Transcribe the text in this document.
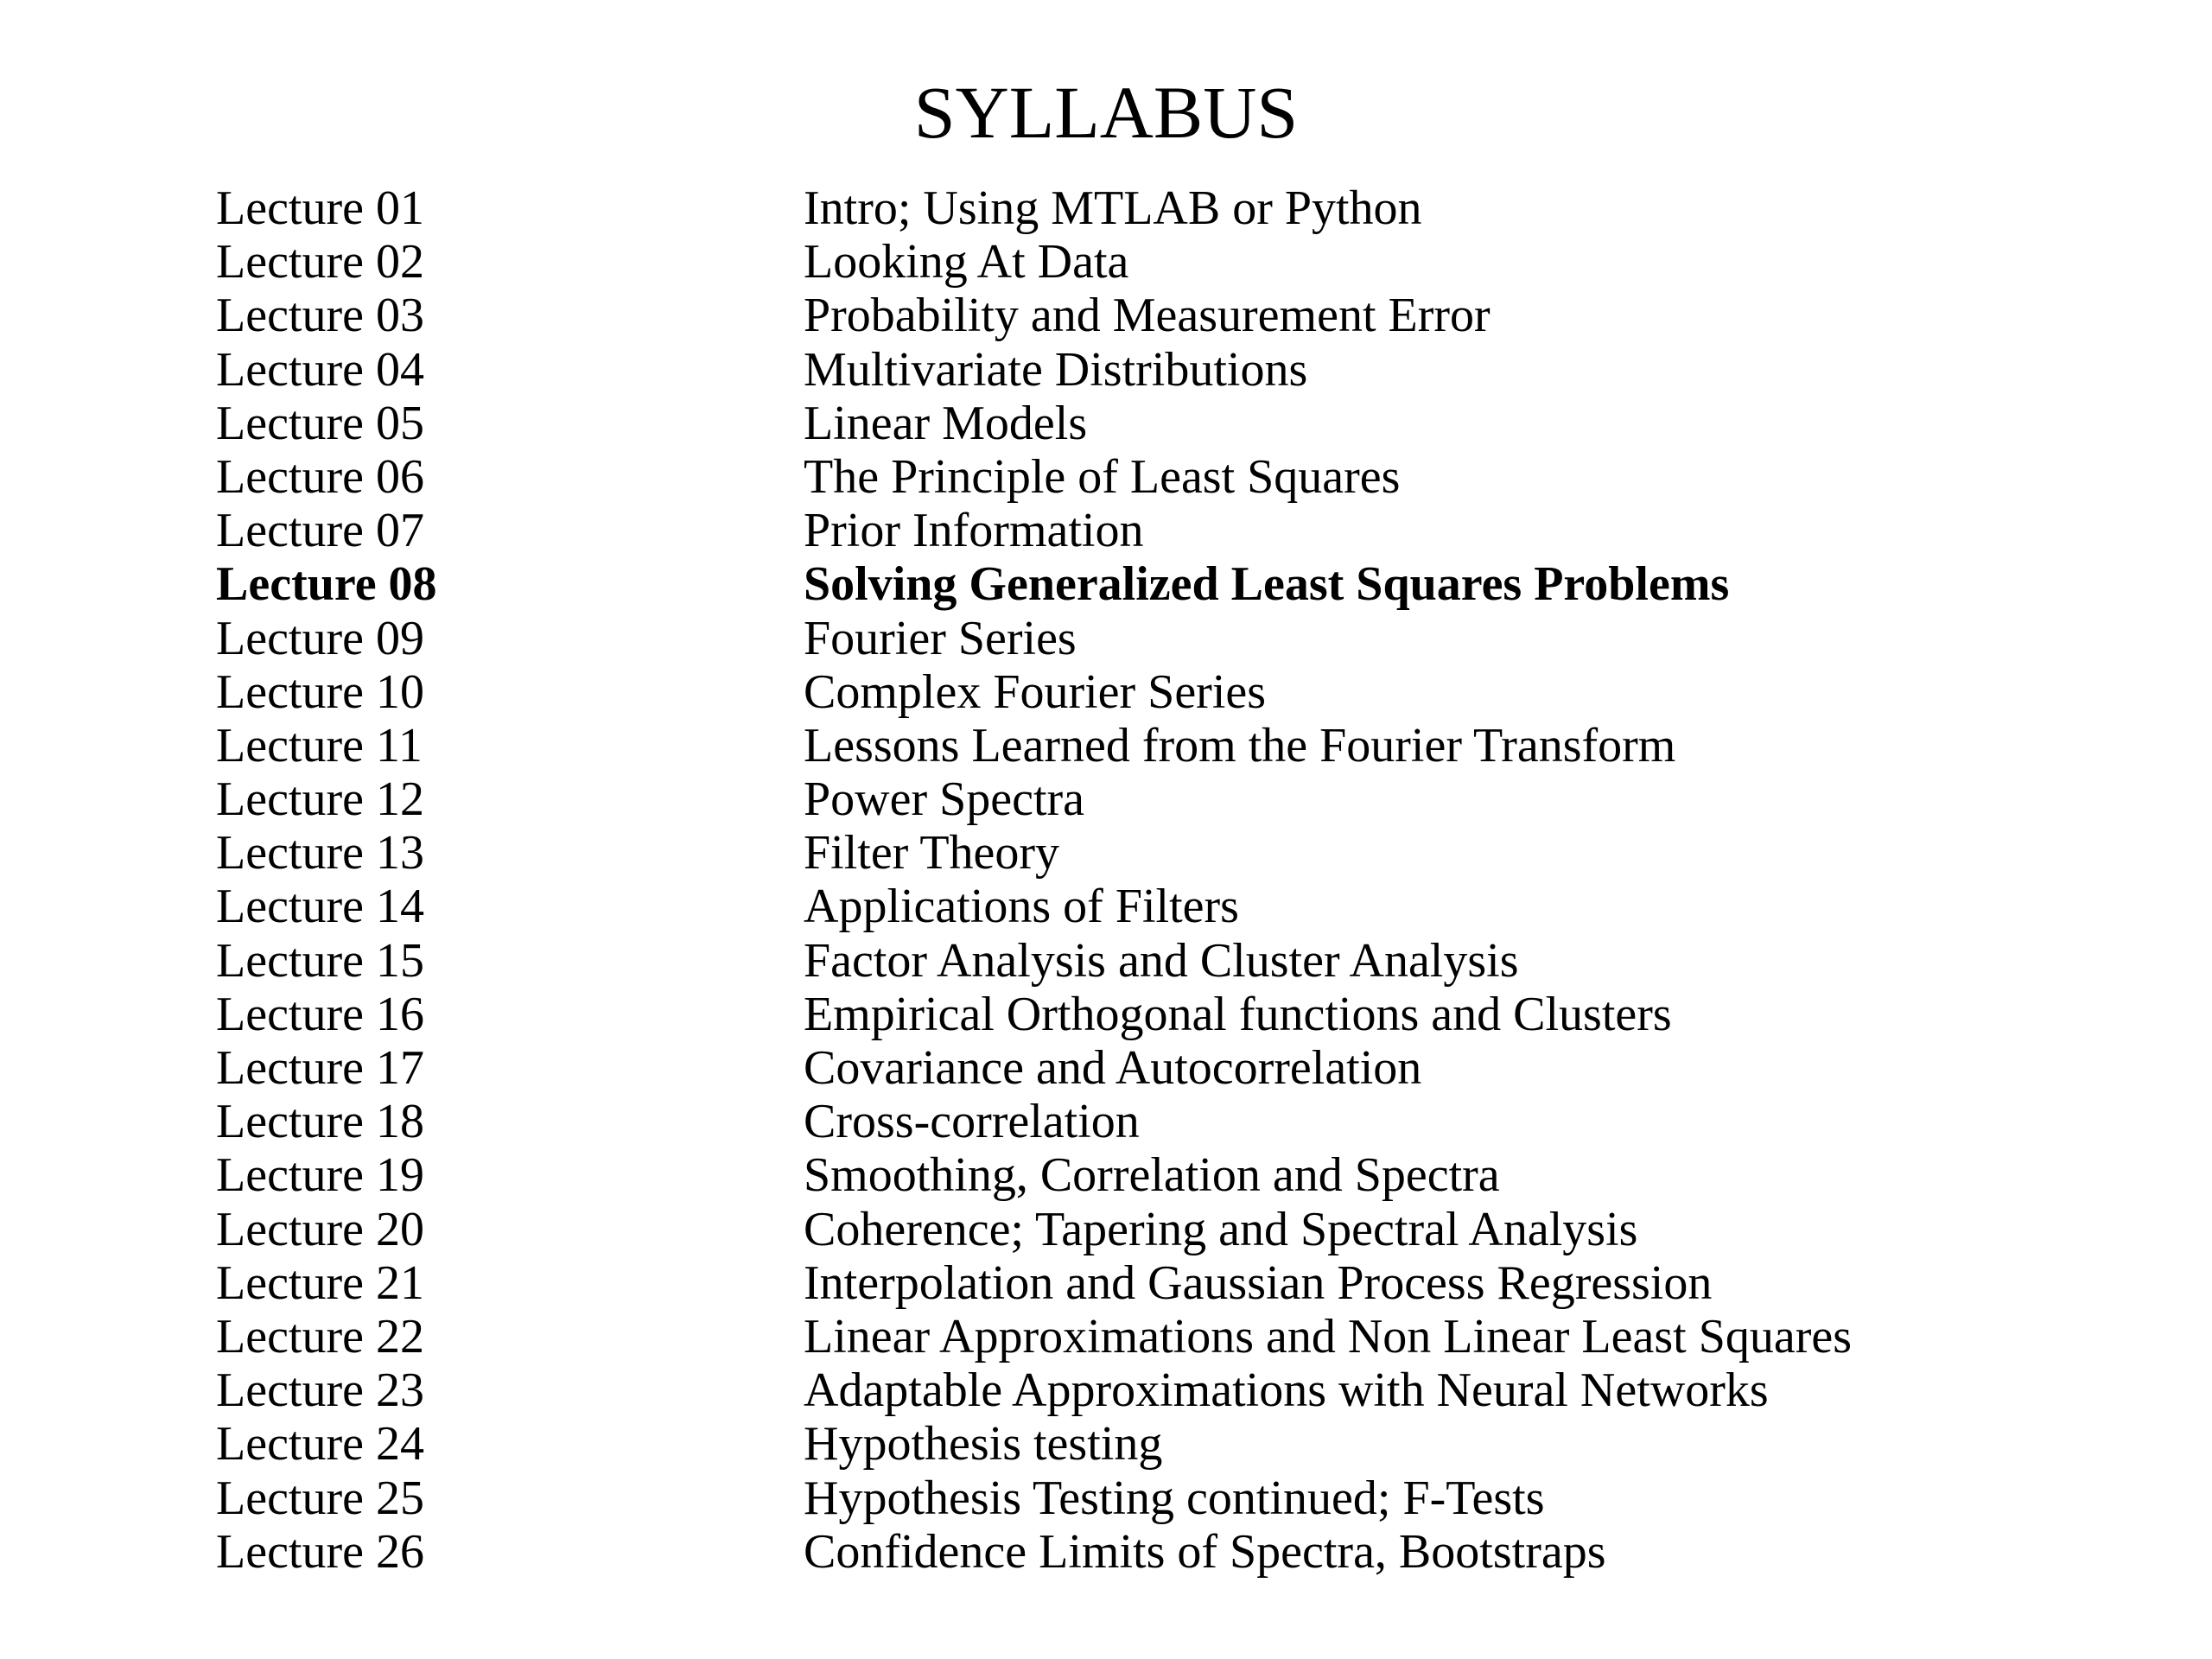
SYLLABUS
Lecture 01	Intro; Using MTLAB or Python
Lecture 02	Looking At Data
Lecture 03	Probability and Measurement Error
Lecture 04	Multivariate Distributions
Lecture 05	Linear Models
Lecture 06	The Principle of Least Squares
Lecture 07	Prior Information
Lecture 08	Solving Generalized Least Squares Problems
Lecture 09	Fourier Series
Lecture 10	Complex Fourier Series
Lecture 11	Lessons Learned from the Fourier Transform
Lecture 12	Power Spectra
Lecture 13	Filter Theory
Lecture 14	Applications of Filters
Lecture 15	Factor Analysis and Cluster Analysis
Lecture 16	Empirical Orthogonal functions and Clusters
Lecture 17	Covariance and Autocorrelation
Lecture 18	Cross-correlation
Lecture 19	Smoothing, Correlation and Spectra
Lecture 20	Coherence; Tapering and Spectral Analysis
Lecture 21	Interpolation and Gaussian Process Regression
Lecture 22	Linear Approximations and Non Linear Least Squares
Lecture 23	Adaptable Approximations with Neural Networks
Lecture 24	Hypothesis testing
Lecture 25	Hypothesis Testing continued; F-Tests
Lecture 26	Confidence Limits of Spectra, Bootstraps
